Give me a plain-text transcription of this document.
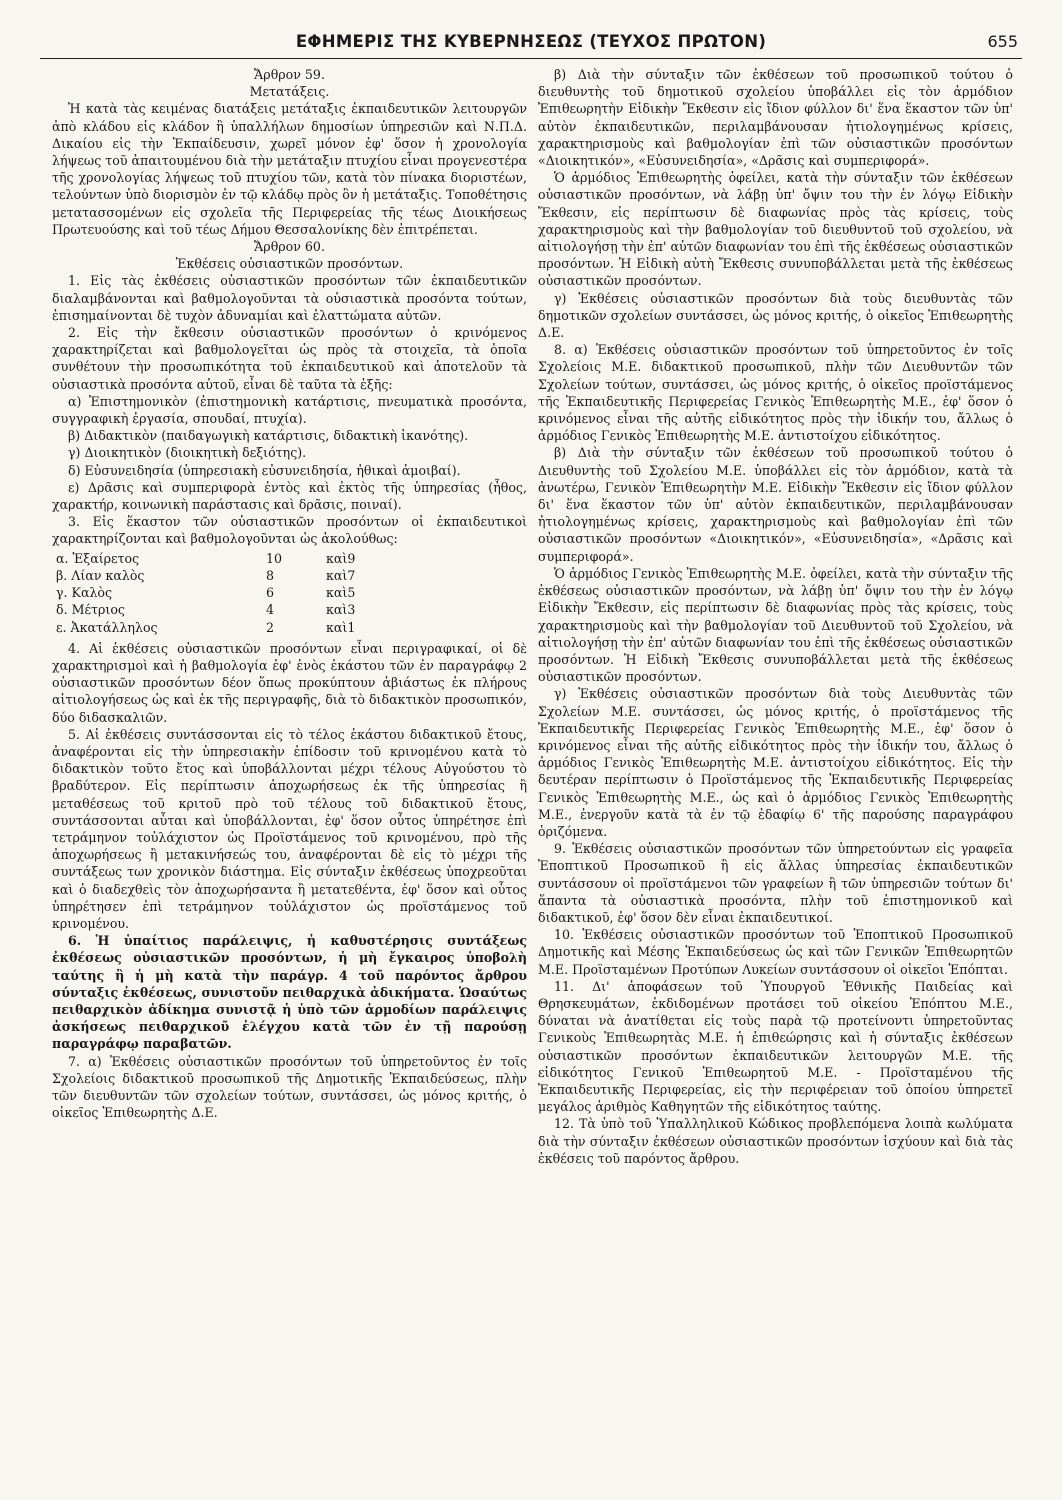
ΕΦΗΜΕΡΙΣ ΤΗΣ ΚΥΒΕΡΝΗΣΕΩΣ (ΤΕΥΧΟΣ ΠΡΩΤΟΝ)	655

Ἄρθρον 59.

Μετατάξεις.

Ἡ κατὰ τὰς κειμένας διατάξεις μετάταξις ἐκπαιδευτικῶν λειτουργῶν ἀπὸ κλάδου εἰς κλάδον ἢ ὑπαλλήλων δημοσίων ὑπηρεσιῶν καὶ Ν.Π.Δ. Δικαίου εἰς τὴν Ἐκπαίδευσιν, χωρεῖ μόνον ἐφ' ὅσον ἡ χρονολογία λήψεως τοῦ ἀπαιτουμένου διὰ τὴν μετάταξιν πτυχίου εἶναι προγενεστέρα τῆς χρονολογίας λήψεως τοῦ πτυχίου τῶν, κατὰ τὸν πίνακα διοριστέων, τελούντων ὑπὸ διορισμὸν ἐν τῷ κλάδῳ πρὸς ὃν ἡ μετάταξις. Τοποθέτησις μετατασσομένων εἰς σχολεῖα τῆς Περιφερείας τῆς τέως Διοικήσεως Πρωτευούσης καὶ τοῦ τέως Δήμου Θεσσαλονίκης δὲν ἐπιτρέπεται.

Ἄρθρον 60.

Ἐκθέσεις οὐσιαστικῶν προσόντων.

1. Εἰς τὰς ἐκθέσεις οὐσιαστικῶν προσόντων τῶν ἐκπαιδευτικῶν διαλαμβάνονται καὶ βαθμολογοῦνται τὰ οὐσιαστικὰ προσόντα τούτων, ἐπισημαίνονται δὲ τυχὸν ἀδυναμίαι καὶ ἐλαττώματα αὐτῶν.

2. Εἰς τὴν ἔκθεσιν οὐσιαστικῶν προσόντων ὁ κρινόμενος χαρακτηρίζεται καὶ βαθμολογεῖται ὡς πρὸς τὰ στοιχεῖα, τὰ ὁποῖα συνθέτουν τὴν προσωπικότητα τοῦ ἐκπαιδευτικοῦ καὶ ἀποτελοῦν τὰ οὐσιαστικὰ προσόντα αὐτοῦ, εἶναι δὲ ταῦτα τὰ ἑξῆς:

α) Ἐπιστημονικὸν (ἐπιστημονικὴ κατάρτισις, πνευματικὰ προσόντα, συγγραφικὴ ἐργασία, σπουδαί, πτυχία).

β) Διδακτικὸν (παιδαγωγικὴ κατάρτισις, διδακτικὴ ἱκανότης).

γ) Διοικητικὸν (διοικητικὴ δεξιότης).

δ) Εὐσυνειδησία (ὑπηρεσιακὴ εὐσυνειδησία, ἠθικαὶ ἀμοιβαί).

ε) Δρᾶσις καὶ συμπεριφορὰ ἐντὸς καὶ ἐκτὸς τῆς ὑπηρεσίας (ἦθος, χαρακτήρ, κοινωνικὴ παράστασις καὶ δρᾶσις, ποιναί).

3. Εἰς ἕκαστον τῶν οὐσιαστικῶν προσόντων οἱ ἐκπαιδευτικοὶ χαρακτηρίζονται καὶ βαθμολογοῦνται ὡς ἀκολούθως:

α. Ἐξαίρετος	10	καὶ	9
β. Λίαν καλὸς	8	καὶ	7
γ. Καλὸς	6	καὶ	5
δ. Μέτριος	4	καὶ	3
ε. Ἀκατάλληλος	2	καὶ	1

4. Αἱ ἐκθέσεις οὐσιαστικῶν προσόντων εἶναι περιγραφικαί, οἱ δὲ χαρακτηρισμοὶ καὶ ἡ βαθμολογία ἐφ' ἑνὸς ἑκάστου τῶν ἐν παραγράφῳ 2 οὐσιαστικῶν προσόντων δέον ὅπως προκύπτουν ἀβιάστως ἐκ πλήρους αἰτιολογήσεως ὡς καὶ ἐκ τῆς περιγραφῆς, διὰ τὸ διδακτικὸν προσωπικόν, δύο διδασκαλιῶν.

5. Αἱ ἐκθέσεις συντάσσονται εἰς τὸ τέλος ἑκάστου διδακτικοῦ ἔτους, ἀναφέρονται εἰς τὴν ὑπηρεσιακὴν ἐπίδοσιν τοῦ κρινομένου κατὰ τὸ διδακτικὸν τοῦτο ἔτος καὶ ὑποβάλλονται μέχρι τέλους Αὐγούστου τὸ βραδύτερον. Εἰς περίπτωσιν ἀποχωρήσεως ἐκ τῆς ὑπηρεσίας ἢ μεταθέσεως τοῦ κριτοῦ πρὸ τοῦ τέλους τοῦ διδακτικοῦ ἔτους, συντάσσονται αὗται καὶ ὑποβάλλονται, ἐφ' ὅσον οὗτος ὑπηρέτησε ἐπὶ τετράμηνον τοὐλάχιστον ὡς Προϊστάμενος τοῦ κρινομένου, πρὸ τῆς ἀποχωρήσεως ἢ μετακινήσεώς του, ἀναφέρονται δὲ εἰς τὸ μέχρι τῆς συντάξεως των χρονικὸν διάστημα. Εἰς σύνταξιν ἐκθέσεως ὑποχρεοῦται καὶ ὁ διαδεχθεὶς τὸν ἀποχωρήσαντα ἢ μετατεθέντα, ἐφ' ὅσον καὶ οὗτος ὑπηρέτησεν ἐπὶ τετράμηνον τοὐλάχιστον ὡς προϊστάμενος τοῦ κρινομένου.

6. Ἡ ὑπαίτιος παράλειψις, ἡ καθυστέρησις συντάξεως ἐκθέσεως οὐσιαστικῶν προσόντων, ἡ μὴ ἔγκαιρος ὑποβολὴ ταύτης ἢ ἡ μὴ κατὰ τὴν παράγρ. 4 τοῦ παρόντος ἄρθρου σύνταξις ἐκθέσεως, συνιστοῦν πειθαρχικὰ ἀδικήματα. Ὡσαύτως πειθαρχικὸν ἀδίκημα συνιστᾷ ἡ ὑπὸ τῶν ἁρμοδίων παράλειψις ἀσκήσεως πειθαρχικοῦ ἐλέγχου κατὰ τῶν ἐν τῇ παρούσῃ παραγράφῳ παραβατῶν.

7. α) Ἐκθέσεις οὐσιαστικῶν προσόντων τοῦ ὑπηρετοῦντος ἐν τοῖς Σχολείοις διδακτικοῦ προσωπικοῦ τῆς Δημοτικῆς Ἐκπαιδεύσεως, πλὴν τῶν διευθυντῶν τῶν σχολείων τούτων, συντάσσει, ὡς μόνος κριτής, ὁ οἰκεῖος Ἐπιθεωρητὴς Δ.Ε.

β) Διὰ τὴν σύνταξιν τῶν ἐκθέσεων τοῦ προσωπικοῦ τούτου ὁ διευθυντὴς τοῦ δημοτικοῦ σχολείου ὑποβάλλει εἰς τὸν ἁρμόδιον Ἐπιθεωρητὴν Εἰδικὴν Ἔκθεσιν εἰς ἴδιον φύλλον δι' ἕνα ἕκαστον τῶν ὑπ' αὐτὸν ἐκπαιδευτικῶν, περιλαμβάνουσαν ἠτιολογημένως κρίσεις, χαρακτηρισμοὺς καὶ βαθμολογίαν ἐπὶ τῶν οὐσιαστικῶν προσόντων «Διοικητικόν», «Εὐσυνειδησία», «Δρᾶσις καὶ συμπεριφορά».

Ὁ ἁρμόδιος Ἐπιθεωρητὴς ὀφείλει, κατὰ τὴν σύνταξιν τῶν ἐκθέσεων οὐσιαστικῶν προσόντων, νὰ λάβῃ ὑπ' ὄψιν του τὴν ἐν λόγῳ Εἰδικὴν Ἔκθεσιν, εἰς περίπτωσιν δὲ διαφωνίας πρὸς τὰς κρίσεις, τοὺς χαρακτηρισμοὺς καὶ τὴν βαθμολογίαν τοῦ διευθυντοῦ τοῦ σχολείου, νὰ αἰτιολογήσῃ τὴν ἐπ' αὐτῶν διαφωνίαν του ἐπὶ τῆς ἐκθέσεως οὐσιαστικῶν προσόντων. Ἡ Εἰδικὴ αὐτὴ Ἔκθεσις συνυποβάλλεται μετὰ τῆς ἐκθέσεως οὐσιαστικῶν προσόντων.

γ) Ἐκθέσεις οὐσιαστικῶν προσόντων διὰ τοὺς διευθυντὰς τῶν δημοτικῶν σχολείων συντάσσει, ὡς μόνος κριτής, ὁ οἰκεῖος Ἐπιθεωρητὴς Δ.Ε.

8. α) Ἐκθέσεις οὐσιαστικῶν προσόντων τοῦ ὑπηρετοῦντος ἐν τοῖς Σχολείοις Μ.Ε. διδακτικοῦ προσωπικοῦ, πλὴν τῶν Διευθυντῶν τῶν Σχολείων τούτων, συντάσσει, ὡς μόνος κριτής, ὁ οἰκεῖος προϊστάμενος τῆς Ἐκπαιδευτικῆς Περιφερείας Γενικὸς Ἐπιθεωρητὴς Μ.Ε., ἐφ' ὅσον ὁ κρινόμενος εἶναι τῆς αὐτῆς εἰδικότητος πρὸς τὴν ἰδικήν του, ἄλλως ὁ ἁρμόδιος Γενικὸς Ἐπιθεωρητὴς Μ.Ε. ἀντιστοίχου εἰδικότητος.

β) Διὰ τὴν σύνταξιν τῶν ἐκθέσεων τοῦ προσωπικοῦ τούτου ὁ Διευθυντὴς τοῦ Σχολείου Μ.Ε. ὑποβάλλει εἰς τὸν ἁρμόδιον, κατὰ τὰ ἀνωτέρω, Γενικὸν Ἐπιθεωρητὴν Μ.Ε. Εἰδικὴν Ἔκθεσιν εἰς ἴδιον φύλλον δι' ἕνα ἕκαστον τῶν ὑπ' αὐτὸν ἐκπαιδευτικῶν, περιλαμβάνουσαν ἠτιολογημένως κρίσεις, χαρακτηρισμοὺς καὶ βαθμολογίαν ἐπὶ τῶν οὐσιαστικῶν προσόντων «Διοικητικόν», «Εὐσυνειδησία», «Δρᾶσις καὶ συμπεριφορά».

Ὁ ἁρμόδιος Γενικὸς Ἐπιθεωρητὴς Μ.Ε. ὀφείλει, κατὰ τὴν σύνταξιν τῆς ἐκθέσεως οὐσιαστικῶν προσόντων, νὰ λάβῃ ὑπ' ὄψιν του τὴν ἐν λόγῳ Εἰδικὴν Ἔκθεσιν, εἰς περίπτωσιν δὲ διαφωνίας πρὸς τὰς κρίσεις, τοὺς χαρακτηρισμοὺς καὶ τὴν βαθμολογίαν τοῦ Διευθυντοῦ τοῦ Σχολείου, νὰ αἰτιολογήσῃ τὴν ἐπ' αὐτῶν διαφωνίαν του ἐπὶ τῆς ἐκθέσεως οὐσιαστικῶν προσόντων. Ἡ Εἰδικὴ Ἔκθεσις συνυποβάλλεται μετὰ τῆς ἐκθέσεως οὐσιαστικῶν προσόντων.

γ) Ἐκθέσεις οὐσιαστικῶν προσόντων διὰ τοὺς Διευθυντὰς τῶν Σχολείων Μ.Ε. συντάσσει, ὡς μόνος κριτής, ὁ προϊστάμενος τῆς Ἐκπαιδευτικῆς Περιφερείας Γενικὸς Ἐπιθεωρητὴς Μ.Ε., ἐφ' ὅσον ὁ κρινόμενος εἶναι τῆς αὐτῆς εἰδικότητος πρὸς τὴν ἰδικήν του, ἄλλως ὁ ἁρμόδιος Γενικὸς Ἐπιθεωρητὴς Μ.Ε. ἀντιστοίχου εἰδικότητος. Εἰς τὴν δευτέραν περίπτωσιν ὁ Προϊστάμενος τῆς Ἐκπαιδευτικῆς Περιφερείας Γενικὸς Ἐπιθεωρητὴς Μ.Ε., ὡς καὶ ὁ ἁρμόδιος Γενικὸς Ἐπιθεωρητὴς Μ.Ε., ἐνεργοῦν κατὰ τὰ ἐν τῷ ἐδαφίῳ 6' τῆς παρούσης παραγράφου ὁριζόμενα.

9. Ἐκθέσεις οὐσιαστικῶν προσόντων τῶν ὑπηρετούντων εἰς γραφεῖα Ἐποπτικοῦ Προσωπικοῦ ἢ εἰς ἄλλας ὑπηρεσίας ἐκπαιδευτικῶν συντάσσουν οἱ προϊστάμενοι τῶν γραφείων ἢ τῶν ὑπηρεσιῶν τούτων δι' ἅπαντα τὰ οὐσιαστικὰ προσόντα, πλὴν τοῦ ἐπιστημονικοῦ καὶ διδακτικοῦ, ἐφ' ὅσον δὲν εἶναι ἐκπαιδευτικοί.

10. Ἐκθέσεις οὐσιαστικῶν προσόντων τοῦ Ἐποπτικοῦ Προσωπικοῦ Δημοτικῆς καὶ Μέσης Ἐκπαιδεύσεως ὡς καὶ τῶν Γενικῶν Ἐπιθεωρητῶν Μ.Ε. Προϊσταμένων Προτύπων Λυκείων συντάσσουν οἱ οἰκεῖοι Ἐπόπται.

11. Δι' ἀποφάσεων τοῦ Ὑπουργοῦ Ἐθνικῆς Παιδείας καὶ Θρησκευμάτων, ἐκδιδομένων προτάσει τοῦ οἰκείου Ἐπόπτου Μ.Ε., δύναται νὰ ἀνατίθεται εἰς τοὺς παρὰ τῷ προτείνοντι ὑπηρετοῦντας Γενικοὺς Ἐπιθεωρητὰς Μ.Ε. ἡ ἐπιθεώρησις καὶ ἡ σύνταξις ἐκθέσεων οὐσιαστικῶν προσόντων ἐκπαιδευτικῶν λειτουργῶν Μ.Ε. τῆς εἰδικότητος Γενικοῦ Ἐπιθεωρητοῦ Μ.Ε. - Προϊσταμένου τῆς Ἐκπαιδευτικῆς Περιφερείας, εἰς τὴν περιφέρειαν τοῦ ὁποίου ὑπηρετεῖ μεγάλος ἀριθμὸς Καθηγητῶν τῆς εἰδικότητος ταύτης.

12. Τὰ ὑπὸ τοῦ Ὑπαλληλικοῦ Κώδικος προβλεπόμενα λοιπὰ κωλύματα διὰ τὴν σύνταξιν ἐκθέσεων οὐσιαστικῶν προσόντων ἰσχύουν καὶ διὰ τὰς ἐκθέσεις τοῦ παρόντος ἄρθρου.
